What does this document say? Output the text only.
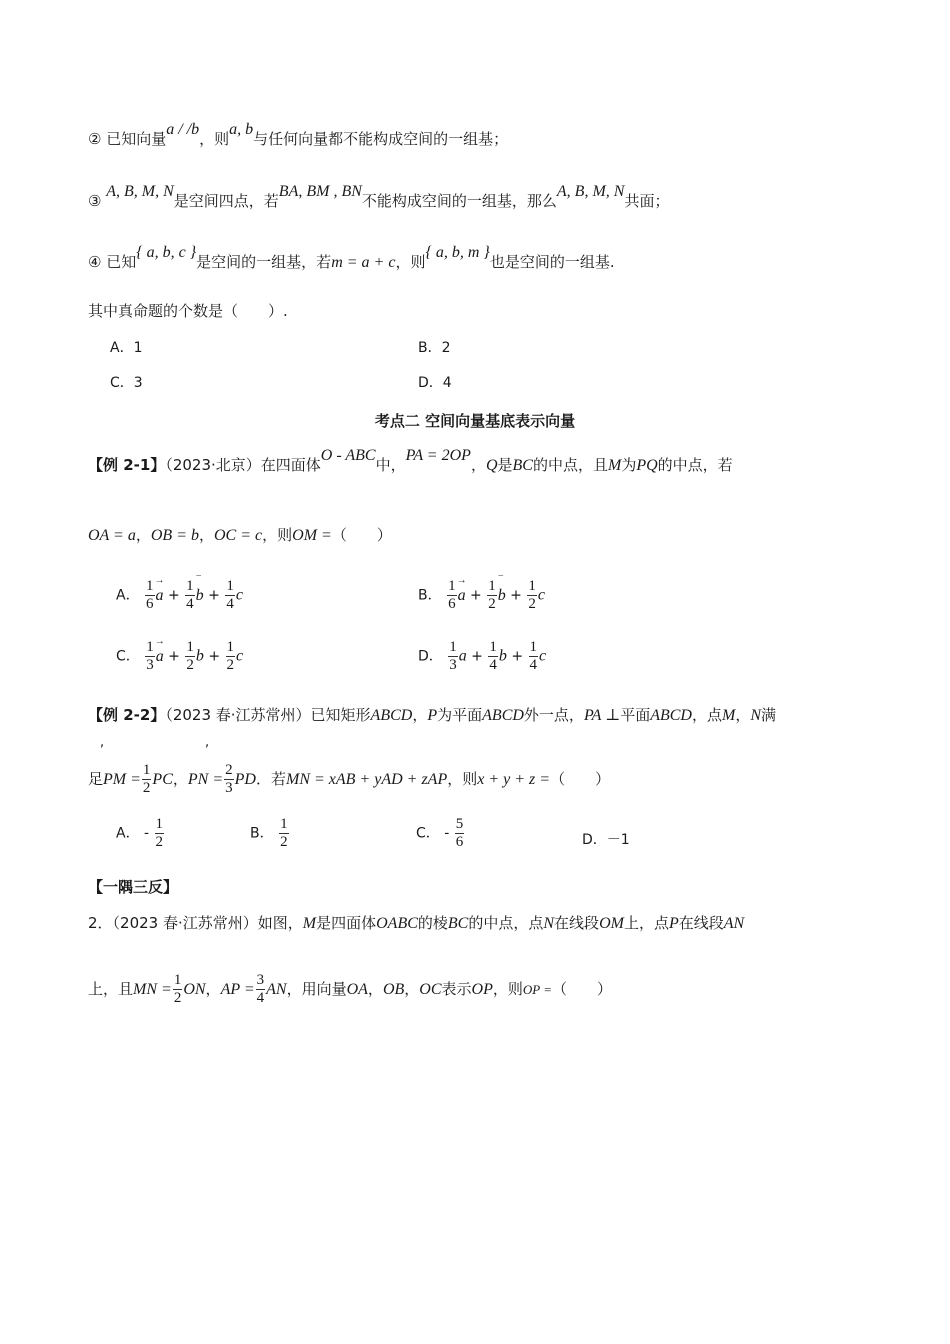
② 已知向量a / /b，则a, b与任何向量都不能构成空间的一组基；
③ A, B, M, N是空间四点，若BA, BM , BN不能构成空间的一组基，那么A, B, M, N共面；
④ 已知{ a, b, c }是空间的一组基，若m = a + c，则{ a, b, m }也是空间的一组基.
其中真命题的个数是（　　）.
A．1	B．2
C．3	D．4
考点二 空间向量基底表示向量
【例 2-1】（2023·北京）在四面体O - ABC中，PA = 2OP，Q是BC的中点，且M为PQ的中点，若
OA = a，OB = b，OC = c，则OM =（　　）
A． $\frac{1}{6}$
→ $a + \frac{1}{4}$
‾ $b + \frac{1}{4}$ c	B． $\frac{1}{6}$
→ $a + \frac{1}{2}$
‾ $b + \frac{1}{2}$ c
C． $\frac{1}{3}$
→ $a + \frac{1}{2}$ $b + \frac{1}{2}$ c	D． $\frac{1}{3}$ $a + \frac{1}{4}$ $b + \frac{1}{4}$ c
【例 2-2】（2023 春·江苏常州）已知矩形ABCD，P为平面ABCD外一点，PA ⊥平面ABCD，点M，N满
,	,
足PM = $\frac{1}{2}$ PC，PN = $\frac{2}{3}$ PD．若MN = xAB + yAD + zAP，则x + y + z =（　　）
A． - $\frac{1}{2}$	B． $\frac{1}{2}$	C． - $\frac{5}{6}$	D．－1
【一隅三反】
2．（2023 春·江苏常州）如图，M是四面体OABC的棱BC的中点，点N在线段OM上，点P在线段AN
上，且MN = $\frac{1}{2}$ ON，AP = $\frac{3}{4}$ AN，用向量OA，OB，OC表示OP，则OP =（　　）
